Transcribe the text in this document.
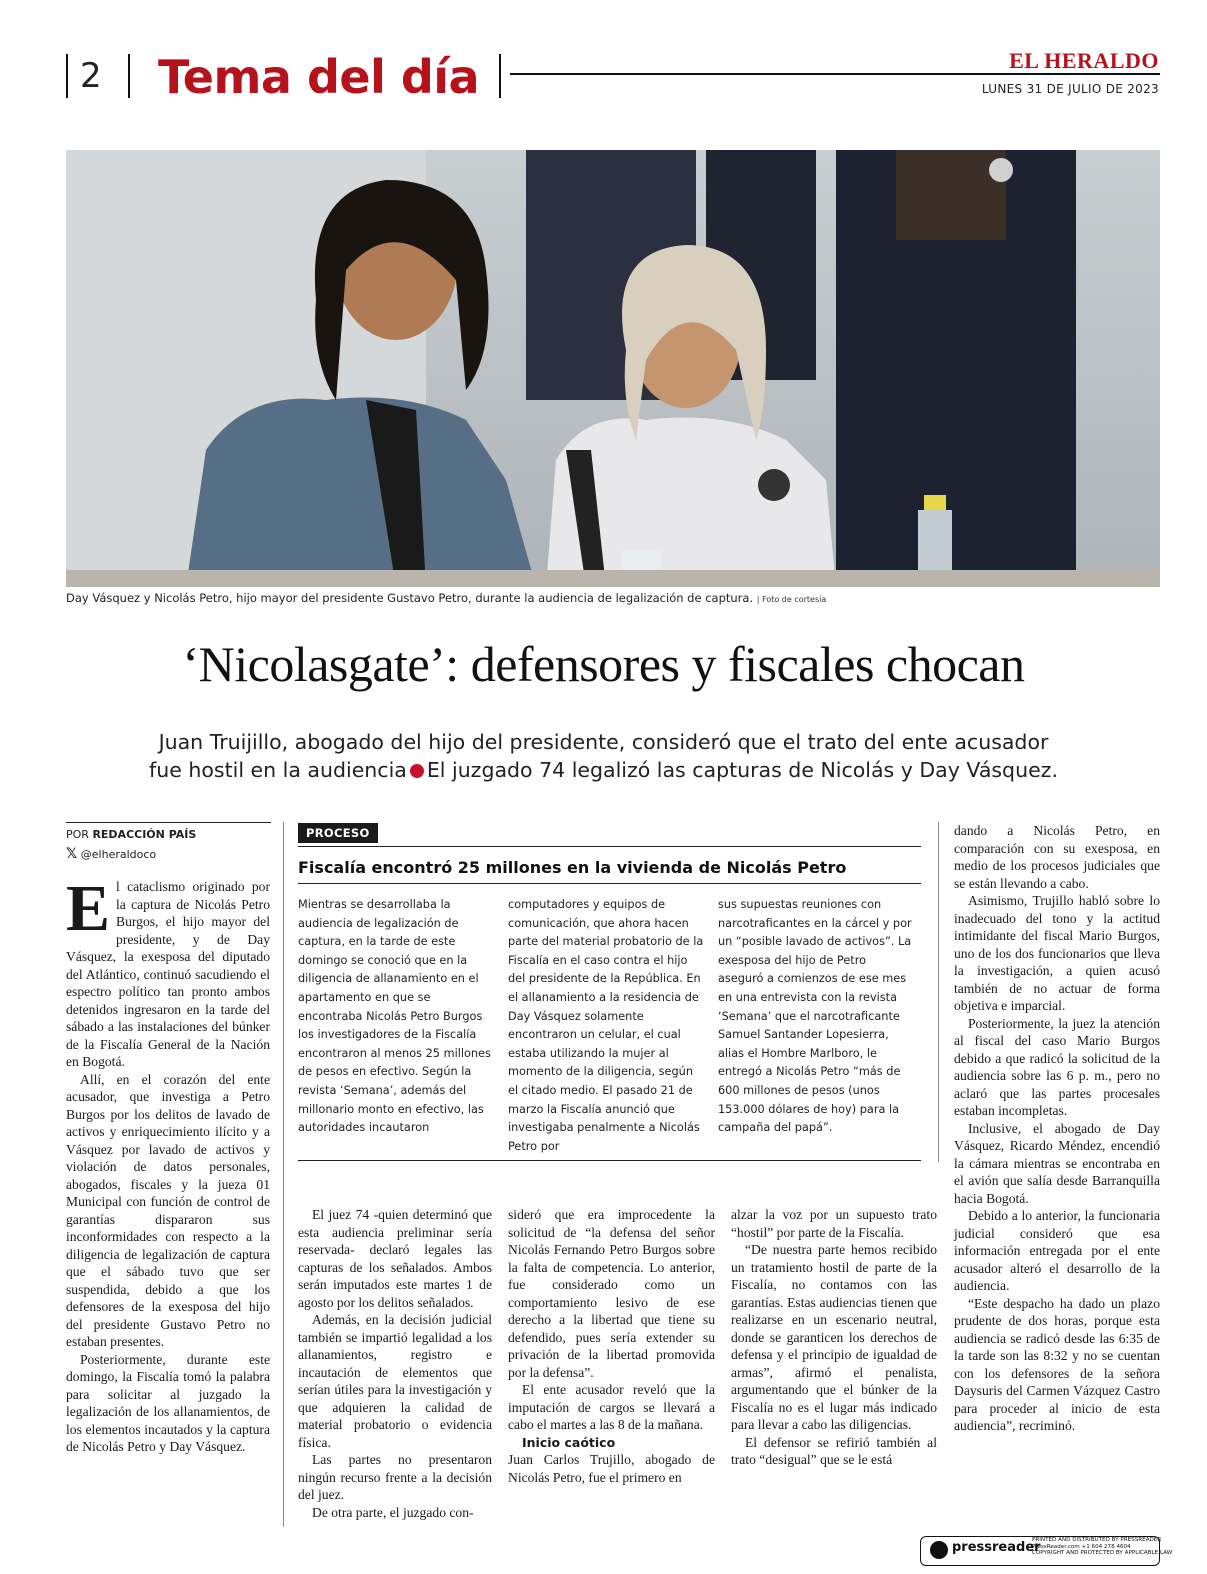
2 Tema del día	EL HERALDO
LUNES 31 DE JULIO DE 2023
Day Vásquez y Nicolás Petro, hijo mayor del presidente Gustavo Petro, durante la audiencia de legalización de captura. | Foto de cortesía
‘Nicolasgate’: defensores y fiscales chocan
Juan Truijillo, abogado del hijo del presidente, consideró que el trato del ente acusador
fue hostil en la audiencia El juzgado 74 legalizó las capturas de Nicolás y Day Vásquez.
POR REDACCIÓN PAÍS
𝕏 @elheraldoco

El cataclismo originado por la captura de Nicolás Petro Burgos, el hijo mayor del presidente, y de Day Vásquez, la exesposa del diputado del Atlántico, continuó sacudiendo el espectro político tan pronto ambos detenidos ingresaron en la tarde del sábado a las instalaciones del búnker de la Fiscalía General de la Nación en Bogotá.

Allí, en el corazón del ente acusador, que investiga a Petro Burgos por los delitos de lavado de activos y enriquecimiento ilícito y a Vásquez por lavado de activos y violación de datos personales, abogados, fiscales y la jueza 01 Municipal con función de control de garantías dispararon sus inconformidades con respecto a la diligencia de legalización de captura que el sábado tuvo que ser suspendida, debido a que los defensores de la exesposa del hijo del presidente Gustavo Petro no estaban presentes.

Posteriormente, durante este domingo, la Fiscalía tomó la palabra para solicitar al juzgado la legalización de los allanamientos, de los elementos incautados y la captura de Nicolás Petro y Day Vásquez.

PROCESO
Fiscalía encontró 25 millones en la vivienda de Nicolás Petro
Mientras se desarrollaba la audiencia de legalización de captura, en la tarde de este domingo se conoció que en la diligencia de allanamiento en el apartamento en que se encontraba Nicolás Petro Burgos los investigadores de la Fiscalía encontraron al menos 25 millones de pesos en efectivo. Según la revista ‘Semana’, además del millonario monto en efectivo, las autoridades incautaron
computadores y equipos de comunicación, que ahora hacen parte del material probatorio de la Fiscalía en el caso contra el hijo del presidente de la República. En el allanamiento a la residencia de Day Vásquez solamente encontraron un celular, el cual estaba utilizando la mujer al momento de la diligencia, según el citado medio. El pasado 21 de marzo la Fiscalía anunció que investigaba penalmente a Nicolás Petro por
sus supuestas reuniones con narcotraficantes en la cárcel y por un “posible lavado de activos”. La exesposa del hijo de Petro aseguró a comienzos de ese mes en una entrevista con la revista ‘Semana’ que el narcotraficante Samuel Santander Lopesierra, alias el Hombre Marlboro, le entregó a Nicolás Petro “más de 600 millones de pesos (unos 153.000 dólares de hoy) para la campaña del papá”.

El juez 74 -quien determinó que esta audiencia preliminar sería reservada- declaró legales las capturas de los señalados. Ambos serán imputados este martes 1 de agosto por los delitos señalados.

Además, en la decisión judicial también se impartió legalidad a los allanamientos, registro e incautación de elementos que serían útiles para la investigación y que adquieren la calidad de material probatorio o evidencia física.

Las partes no presentaron ningún recurso frente a la decisión del juez.

De otra parte, el juzgado con-

sideró que era improcedente la solicitud de “la defensa del señor Nicolás Fernando Petro Burgos sobre la falta de competencia. Lo anterior, fue considerado como un comportamiento lesivo de ese derecho a la libertad que tiene su defendido, pues sería extender su privación de la libertad promovida por la defensa”.

El ente acusador reveló que la imputación de cargos se llevará a cabo el martes a las 8 de la mañana.

Inicio caótico

Juan Carlos Trujillo, abogado de Nicolás Petro, fue el primero en

alzar la voz por un supuesto trato “hostil” por parte de la Fiscalía.

“De nuestra parte hemos recibido un tratamiento hostil de parte de la Fiscalía, no contamos con las garantías. Estas audiencias tienen que realizarse en un escenario neutral, donde se garanticen los derechos de defensa y el principio de igualdad de armas”, afirmó el penalista, argumentando que el búnker de la Fiscalía no es el lugar más indicado para llevar a cabo las diligencias.

El defensor se refirió también al trato “desigual” que se le está

dando a Nicolás Petro, en comparación con su exesposa, en medio de los procesos judiciales que se están llevando a cabo.

Asimismo, Trujillo habló sobre lo inadecuado del tono y la actitud intimidante del fiscal Mario Burgos, uno de los dos funcionarios que lleva la investigación, a quien acusó también de no actuar de forma objetiva e imparcial.

Posteriormente, la juez la atención al fiscal del caso Mario Burgos debido a que radicó la solicitud de la audiencia sobre las 6 p. m., pero no aclaró que las partes procesales estaban incompletas.

Inclusive, el abogado de Day Vásquez, Ricardo Méndez, encendió la cámara mientras se encontraba en el avión que salía desde Barranquilla hacia Bogotá.

Debido a lo anterior, la funcionaria judicial consideró que esa información entregada por el ente acusador alteró el desarrollo de la audiencia.

“Este despacho ha dado un plazo prudente de dos horas, porque esta audiencia se radicó desde las 6:35 de la tarde son las 8:32 y no se cuentan con los defensores de la señora Daysuris del Carmen Vázquez Castro para proceder al inicio de esta audiencia”, recriminó.

pressreader
PRINTED AND DISTRIBUTED BY PRESSREADER
PressReader.com +1 604 278 4604
COPYRIGHT AND PROTECTED BY APPLICABLE LAW
